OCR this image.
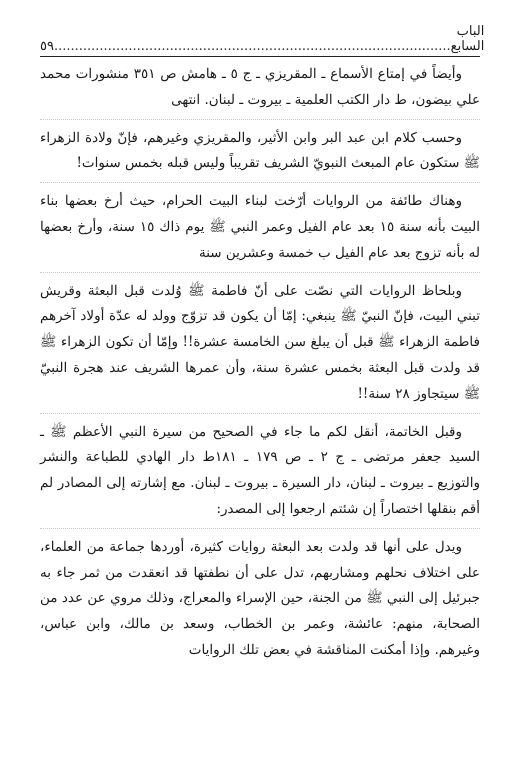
٥٩
الباب السابع................................................................................................

وأيضاً في إمتاع الأسماع ـ المقريزي ـ ج ٥ ـ هامش ص ٣٥١ منشورات محمد علي بيضون، ط دار الكتب العلمية ـ بيروت ـ لبنان. انتهى

وحسب كلام ابن عبد البر وابن الأثير، والمقريزي وغيرهم، فإنّ ولادة الزهراء ﷺ ستكون عام المبعث النبويّ الشريف تقريباً وليس قبله بخمس سنوات!

وهناك طائفة من الروايات أرّخت لبناء البيت الحرام، حيث أرخ بعضها بناء البيت بأنه سنة ١٥ بعد عام الفيل وعمر النبي ﷺ يوم ذاك ١٥ سنة، وأرخ بعضها له بأنه تزوج بعد عام الفيل ب خمسة وعشرين سنة

وبلحاظ الروايات التي نصّت على أنّ فاطمة ﷺ وُلدت قبل البعثة وقريش تبني البيت، فإنّ النبيّ ﷺ ينبغي: إمّا أن يكون قد تزوّج وولد له عدّة أولاد آخرهم فاطمة الزهراء ﷺ قبل أن يبلغ سن الخامسة عشرة!! وإمّا أن تكون الزهراء ﷺ قد ولدت قبل البعثة بخمس عشرة سنة، وأن عمرها الشريف عند هجرة النبيّ ﷺ سيتجاوز ٢٨ سنة!!

وقبل الخاتمة، أنقل لكم ما جاء في الصحيح من سيرة النبي الأعظم ﷺ ـ السيد جعفر مرتضى ـ ج ٢ ـ ص ١٧٩ ـ ١٨١ط دار الهادي للطباعة والنشر والتوزيع ـ بيروت ـ لبنان، دار السيرة ـ بيروت ـ لبنان. مع إشارته إلى المصادر لم أقم بنقلها اختصاراً إن شئتم ارجعوا إلى المصدر:

ويدل على أنها قد ولدت بعد البعثة روايات كثيرة، أوردها جماعة من العلماء، على اختلاف نحلهم ومشاربهم، تدل على أن نطفتها قد انعقدت من ثمر جاء به جبرئيل إلى النبي ﷺ من الجنة، حين الإسراء والمعراج، وذلك مروي عن عدد من الصحابة، منهم: عائشة، وعمر بن الخطاب، وسعد بن مالك، وابن عباس، وغيرهم. وإذا أمكنت المناقشة في بعض تلك الروايات
